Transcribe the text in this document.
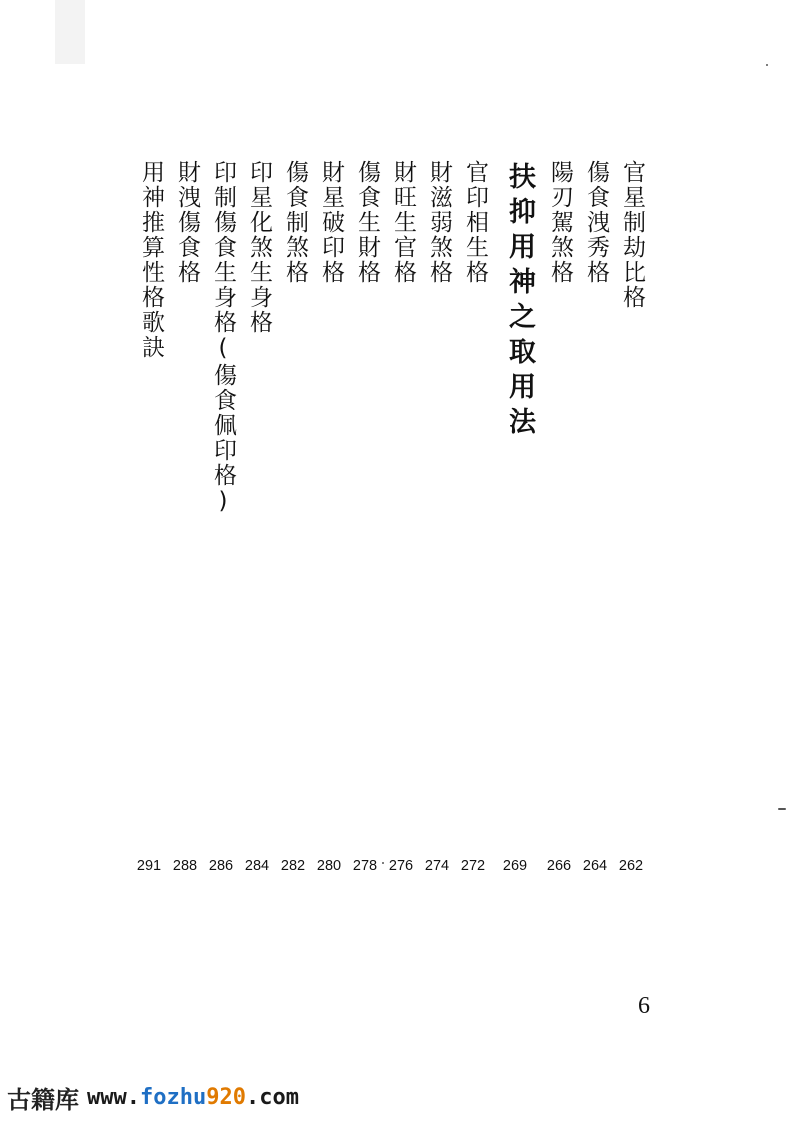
官星制劫比格
262
傷食洩秀格
264
陽刃駕煞格
266
扶抑用神之取用法
269
官印相生格
272
財滋弱煞格
274
財旺生官格
276
傷食生財格
278
財星破印格
280
傷食制煞格
282
印星化煞生身格
284
印制傷食生身格(傷食佩印格)
286
財洩傷食格
288
用神推算性格歌訣
291
6
古籍库 www.fozhu920.com
